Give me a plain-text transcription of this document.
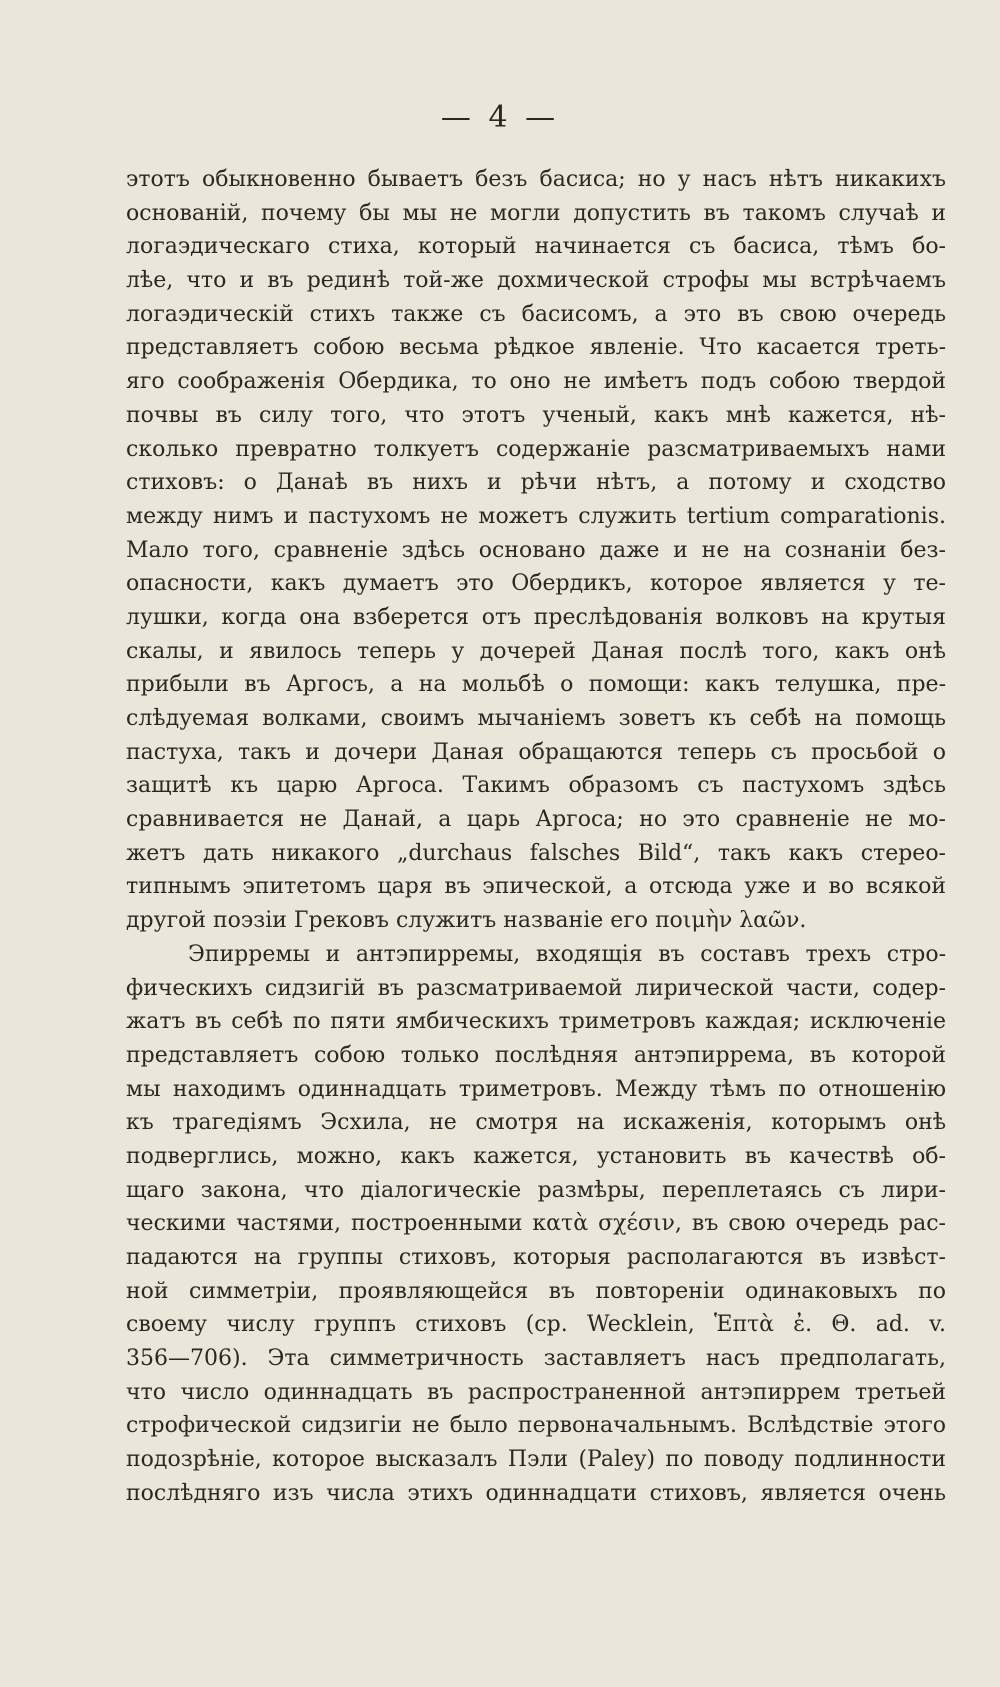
— 4 —
этотъ обыкновенно бываетъ безъ басиса; но у насъ нѣтъ никакихъ
основаній, почему бы мы не могли допустить въ такомъ случаѣ и
логаэдическаго стиха, который начинается съ басиса, тѣмъ бо-
лѣе, что и въ рединѣ той-же дохмической строфы мы встрѣчаемъ
логаэдическій стихъ также съ басисомъ, а это въ свою очередь
представляетъ собою весьма рѣдкое явленіе. Что касается треть-
яго соображенія Обердика, то оно не имѣетъ подъ собою твердой
почвы въ силу того, что этотъ ученый, какъ мнѣ кажется, нѣ-
сколько превратно толкуетъ содержаніе разсматриваемыхъ нами
стиховъ: о Данаѣ въ нихъ и рѣчи нѣтъ, а потому и сходство
между нимъ и пастухомъ не можетъ служить tertium comparationis.
Мало того, сравненіе здѣсь основано даже и не на сознаніи без-
опасности, какъ думаетъ это Обердикъ, которое является у те-
лушки, когда она взберется отъ преслѣдованія волковъ на крутыя
скалы, и явилось теперь у дочерей Даная послѣ того, какъ онѣ
прибыли въ Аргосъ, а на мольбѣ о помощи: какъ телушка, пре-
слѣдуемая волками, своимъ мычаніемъ зоветъ къ себѣ на помощь
пастуха, такъ и дочери Даная обращаются теперь съ просьбой о
защитѣ къ царю Аргоса. Такимъ образомъ съ пастухомъ здѣсь
сравнивается не Данай, а царь Аргоса; но это сравненіе не мо-
жетъ дать никакого „durchaus falsches Bild“, такъ какъ стерео-
типнымъ эпитетомъ царя въ эпической, а отсюда уже и во всякой
другой поэзіи Грековъ служитъ названіе его ποιμὴν λαῶν.
Эпирремы и антэпирремы, входящія въ составъ трехъ стро-
фическихъ сидзигій въ разсматриваемой лирической части, содер-
жатъ въ себѣ по пяти ямбическихъ триметровъ каждая; исключеніе
представляетъ собою только послѣдняя антэпиррема, въ которой
мы находимъ одиннадцать триметровъ. Между тѣмъ по отношенію
къ трагедіямъ Эсхила, не смотря на искаженія, которымъ онѣ
подверглись, можно, какъ кажется, установить въ качествѣ об-
щаго закона, что діалогическіе размѣры, переплетаясь съ лири-
ческими частями, построенными κατὰ σχέσιν, въ свою очередь рас-
падаются на группы стиховъ, которыя располагаются въ извѣст-
ной симметріи, проявляющейся въ повтореніи одинаковыхъ по
своему числу группъ стиховъ (ср. Wecklein, Ἑπτὰ ἐ. Θ. ad. v.
356—706). Эта симметричность заставляетъ насъ предполагать,
что число одиннадцать въ распространенной антэпиррем третьей
строфической сидзигіи не было первоначальнымъ. Вслѣдствіе этого
подозрѣніе, которое высказалъ Пэли (Paley) по поводу подлинности
послѣдняго изъ числа этихъ одиннадцати стиховъ, является очень
